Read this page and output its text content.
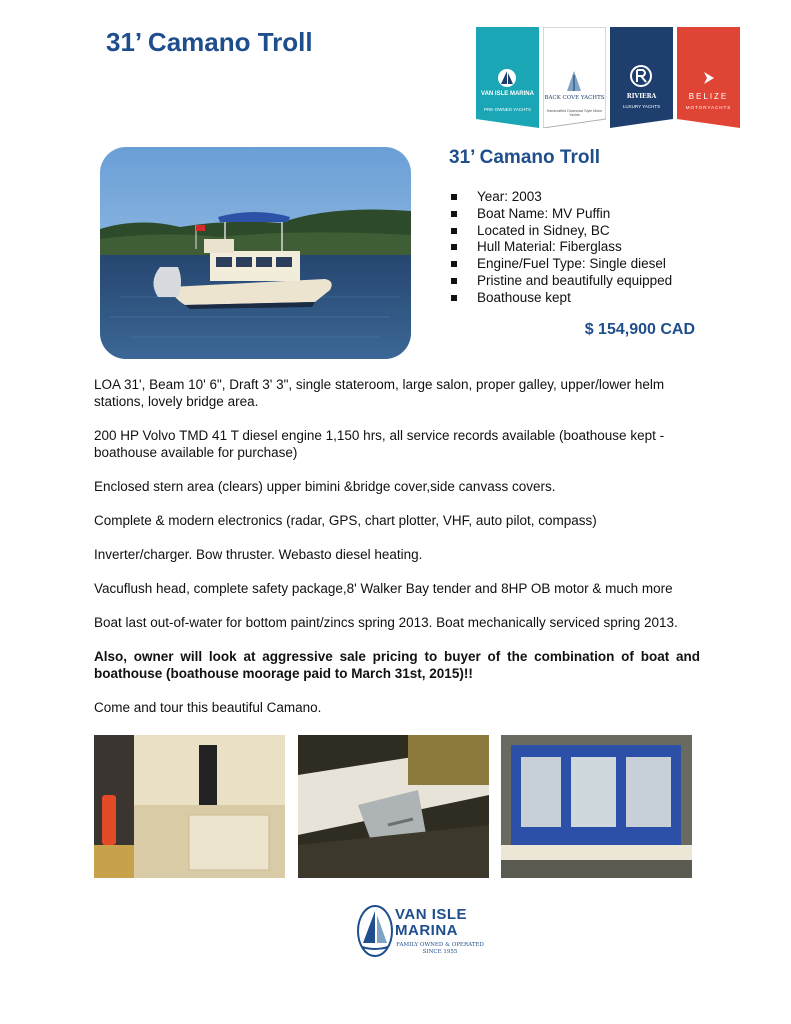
31’ Camano Troll
VAN ISLE MARINA
PRE-OWNED YACHTS
BACK COVE YACHTS
Handcrafted Downeast Style Motor Yachts
RIVIERA
LUXURY YACHTS
BELIZE
MOTORYACHTS
31’ Camano Troll
Year: 2003
Boat Name: MV Puffin
Located in Sidney, BC
Hull Material: Fiberglass
Engine/Fuel Type: Single diesel
Pristine and beautifully equipped
Boathouse kept

$ 154,900 CAD

LOA 31', Beam 10' 6", Draft 3' 3", single stateroom, large salon, proper galley, upper/lower helm stations, lovely bridge area.

200 HP Volvo TMD 41 T diesel engine 1,150 hrs, all service records available (boathouse kept - boathouse available for purchase)

Enclosed stern area (clears) upper bimini &bridge cover,side canvass covers.

Complete & modern electronics (radar, GPS, chart plotter, VHF, auto pilot, compass)

Inverter/charger. Bow thruster. Webasto diesel heating.

Vacuflush head, complete safety package,8' Walker Bay tender and 8HP OB motor & much more

Boat last out-of-water for bottom paint/zincs spring 2013. Boat mechanically serviced spring 2013.

Also, owner will look at aggressive sale pricing to buyer of the combination of boat and boathouse (boathouse moorage paid to March 31st, 2015)!!

Come and tour this beautiful Camano.

VAN ISLE
MARINA
FAMILY OWNED & OPERATED
SINCE 1955
